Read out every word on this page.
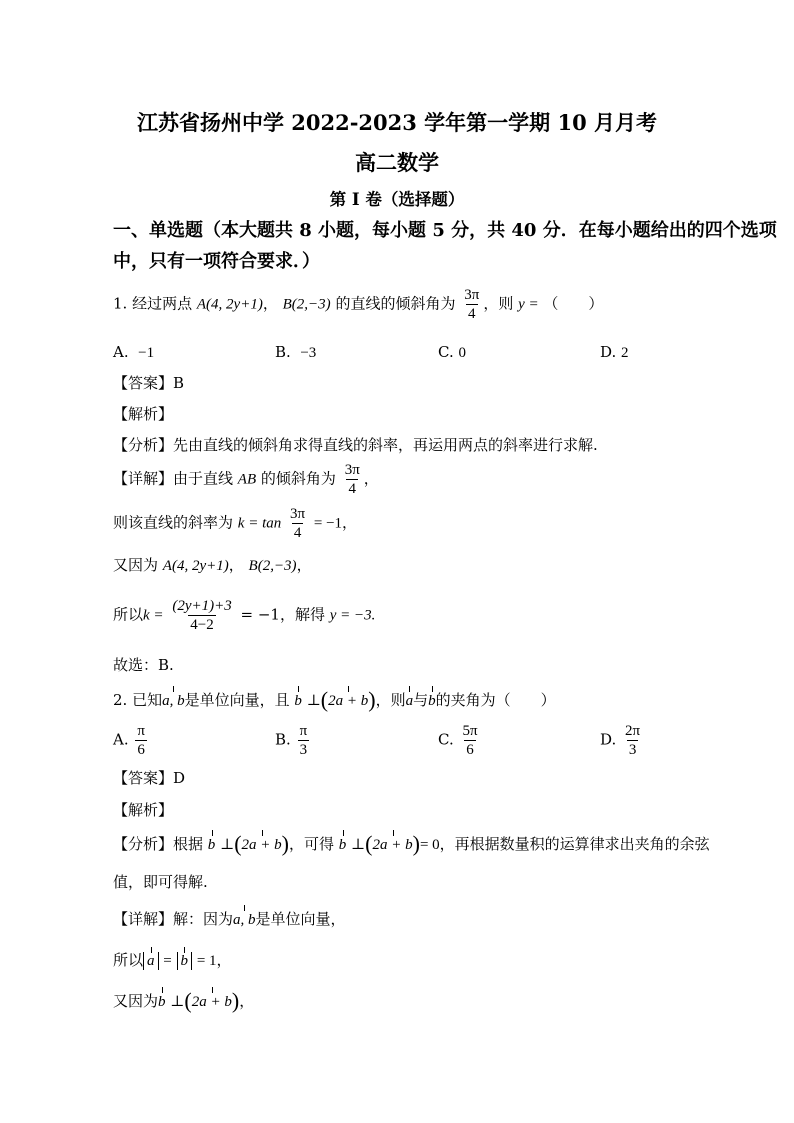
江苏省扬州中学 2022-2023 学年第一学期 10 月月考
高二数学
第 I 卷（选择题）
一、单选题（本大题共 8 小题，每小题 5 分，共 40 分．在每小题给出的四个选项
中，只有一项符合要求．）
1. 经过两点 A(4, 2y+1)， B(2,−3) 的直线的倾斜角为 $\frac{3\pi}{4}$ ，则 y = （　　）
A. −1	B. −3	C. 0	D. 2
【答案】B
【解析】
【分析】先由直线的倾斜角求得直线的斜率，再运用两点的斜率进行求解.
【详解】由于直线 AB 的倾斜角为 $\frac{3\pi}{4}$ ，
则该直线的斜率为 $k = \tan \frac{3\pi}{4} = -1$，
又因为 A(4, 2y+1)， B(2,−3)，
所以$k = \frac{(2y+1)+3}{4-2} = -1$，解得 y = −3.
故选：B.
2. 已知a, b是单位向量，且 b ⊥(2a + b)，则a与b的夹角为（　　）
A. $\frac{\pi}{6}$	B. $\frac{\pi}{3}$	C. $\frac{5\pi}{6}$	D. $\frac{2\pi}{3}$
【答案】D
【解析】
【分析】根据 b ⊥(2a + b)，可得 b ⊥(2a + b)= 0，再根据数量积的运算律求出夹角的余弦
值，即可得解.
【详解】解：因为a, b是单位向量，
所以 a = b = 1，
又因为b ⊥(2a + b)，
